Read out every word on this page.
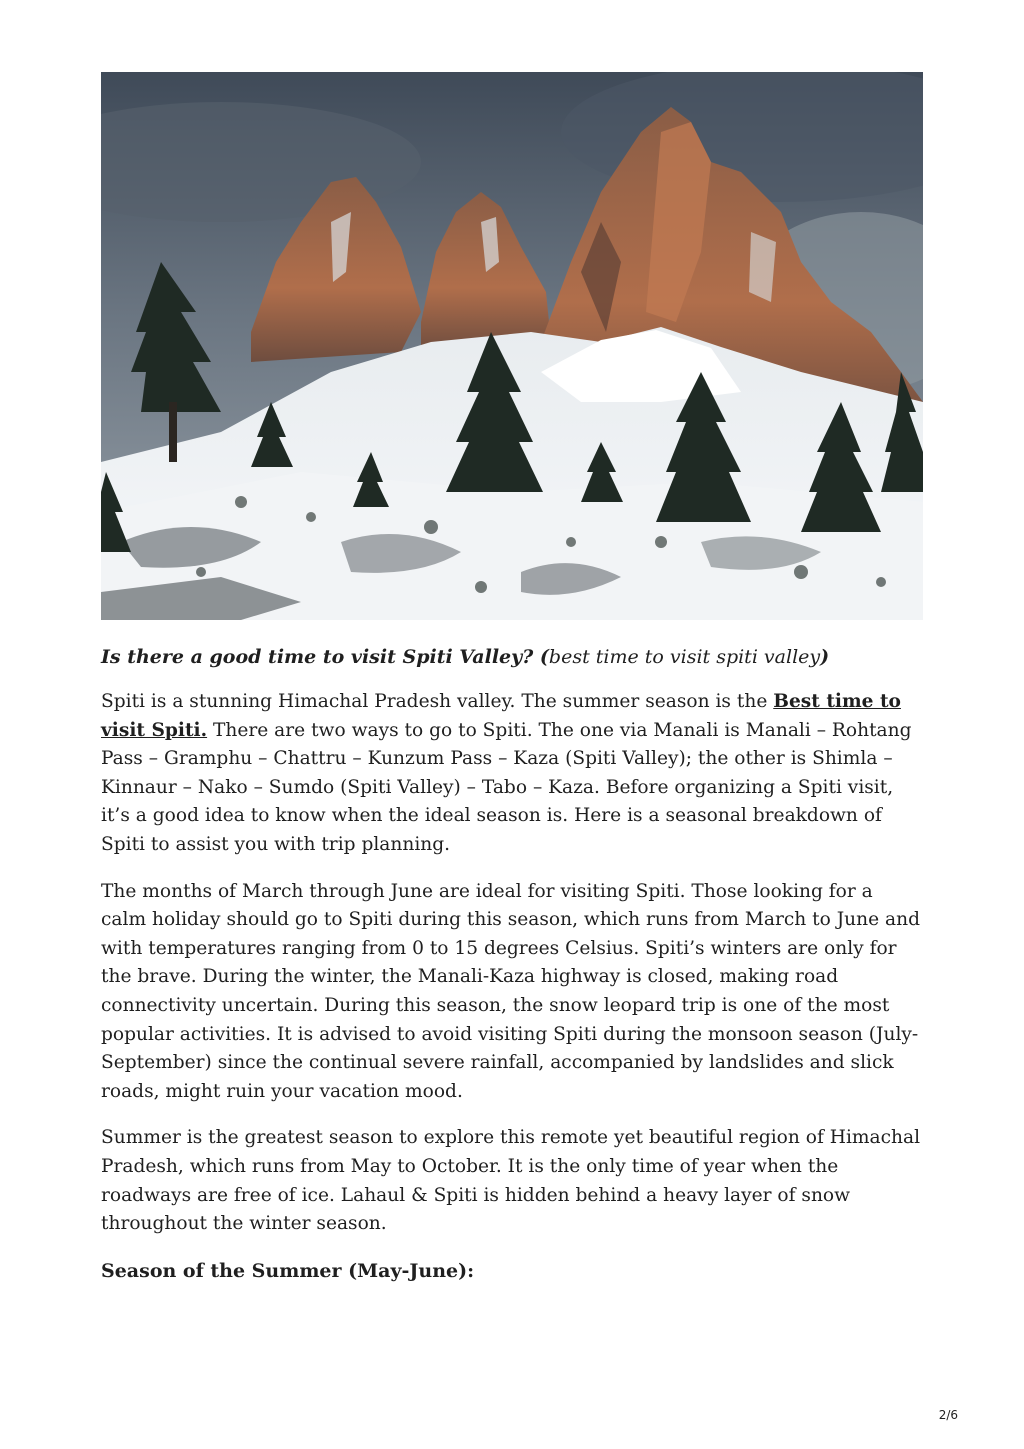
Is there a good time to visit Spiti Valley? (best time to visit spiti valley)

Spiti is a stunning Himachal Pradesh valley. The summer season is the Best time to visit Spiti. There are two ways to go to Spiti. The one via Manali is Manali – Rohtang Pass – Gramphu – Chattru – Kunzum Pass – Kaza (Spiti Valley); the other is Shimla – Kinnaur – Nako – Sumdo (Spiti Valley) – Tabo – Kaza. Before organizing a Spiti visit, it’s a good idea to know when the ideal season is. Here is a seasonal breakdown of Spiti to assist you with trip planning.

The months of March through June are ideal for visiting Spiti. Those looking for a calm holiday should go to Spiti during this season, which runs from March to June and with temperatures ranging from 0 to 15 degrees Celsius. Spiti’s winters are only for the brave. During the winter, the Manali-Kaza highway is closed, making road connectivity uncertain. During this season, the snow leopard trip is one of the most popular activities. It is advised to avoid visiting Spiti during the monsoon season (July-September) since the continual severe rainfall, accompanied by landslides and slick roads, might ruin your vacation mood.

Summer is the greatest season to explore this remote yet beautiful region of Himachal Pradesh, which runs from May to October. It is the only time of year when the roadways are free of ice. Lahaul & Spiti is hidden behind a heavy layer of snow throughout the winter season.

Season of the Summer (May-June):
2/6
